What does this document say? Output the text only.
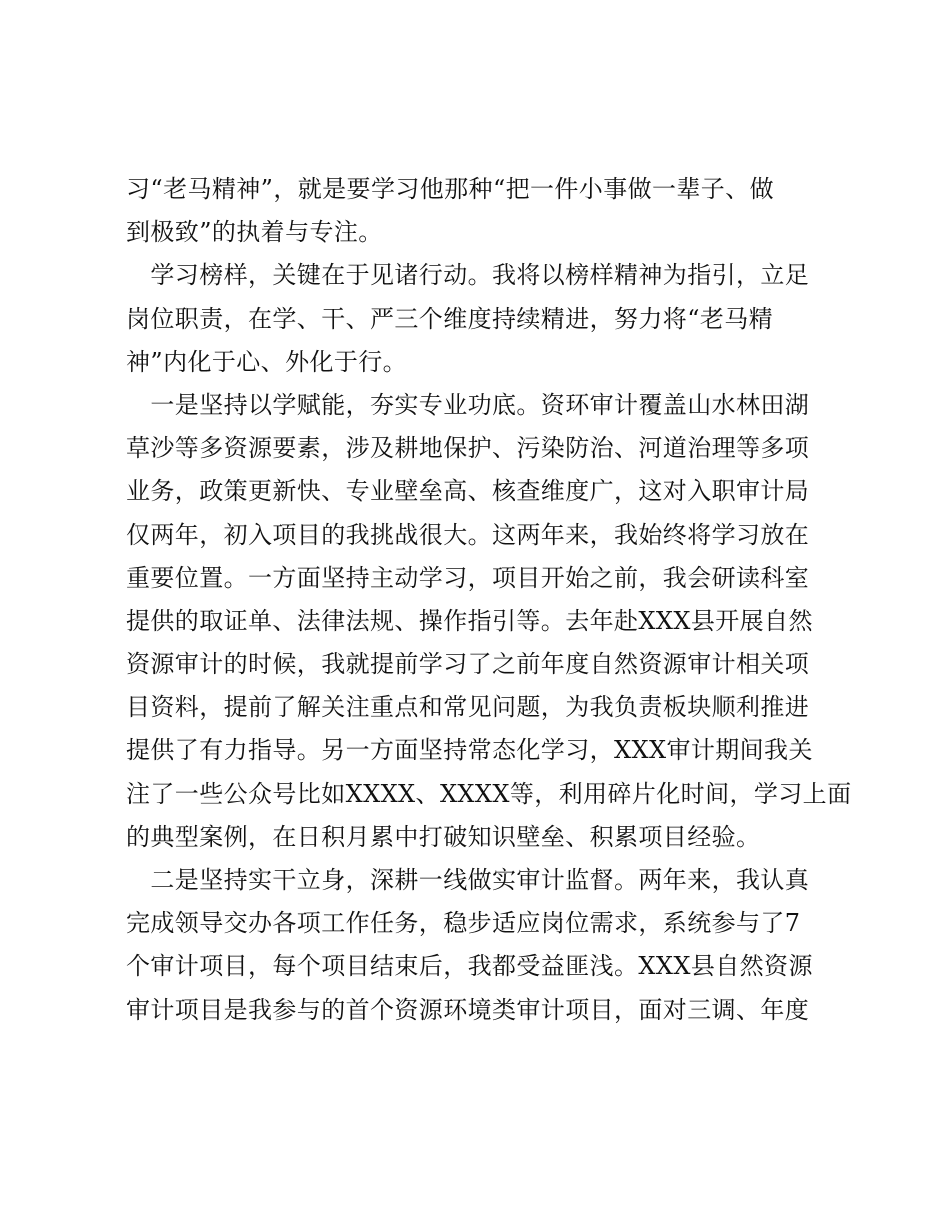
习“老马精神”，就是要学习他那种“把一件小事做一辈子、做
到极致”的执着与专注。
　学习榜样，关键在于见诸行动。我将以榜样精神为指引，立足
岗位职责，在学、干、严三个维度持续精进，努力将“老马精
神”内化于心、外化于行。
　一是坚持以学赋能，夯实专业功底。资环审计覆盖山水林田湖
草沙等多资源要素，涉及耕地保护、污染防治、河道治理等多项
业务，政策更新快、专业壁垒高、核查维度广，这对入职审计局
仅两年，初入项目的我挑战很大。这两年来，我始终将学习放在
重要位置。一方面坚持主动学习，项目开始之前，我会研读科室
提供的取证单、法律法规、操作指引等。去年赴XXX县开展自然
资源审计的时候，我就提前学习了之前年度自然资源审计相关项
目资料，提前了解关注重点和常见问题，为我负责板块顺利推进
提供了有力指导。另一方面坚持常态化学习，XXX审计期间我关
注了一些公众号比如XXXX、XXXX等，利用碎片化时间，学习上面
的典型案例，在日积月累中打破知识壁垒、积累项目经验。
　二是坚持实干立身，深耕一线做实审计监督。两年来，我认真
完成领导交办各项工作任务，稳步适应岗位需求，系统参与了7
个审计项目，每个项目结束后，我都受益匪浅。XXX县自然资源
审计项目是我参与的首个资源环境类审计项目，面对三调、年度
